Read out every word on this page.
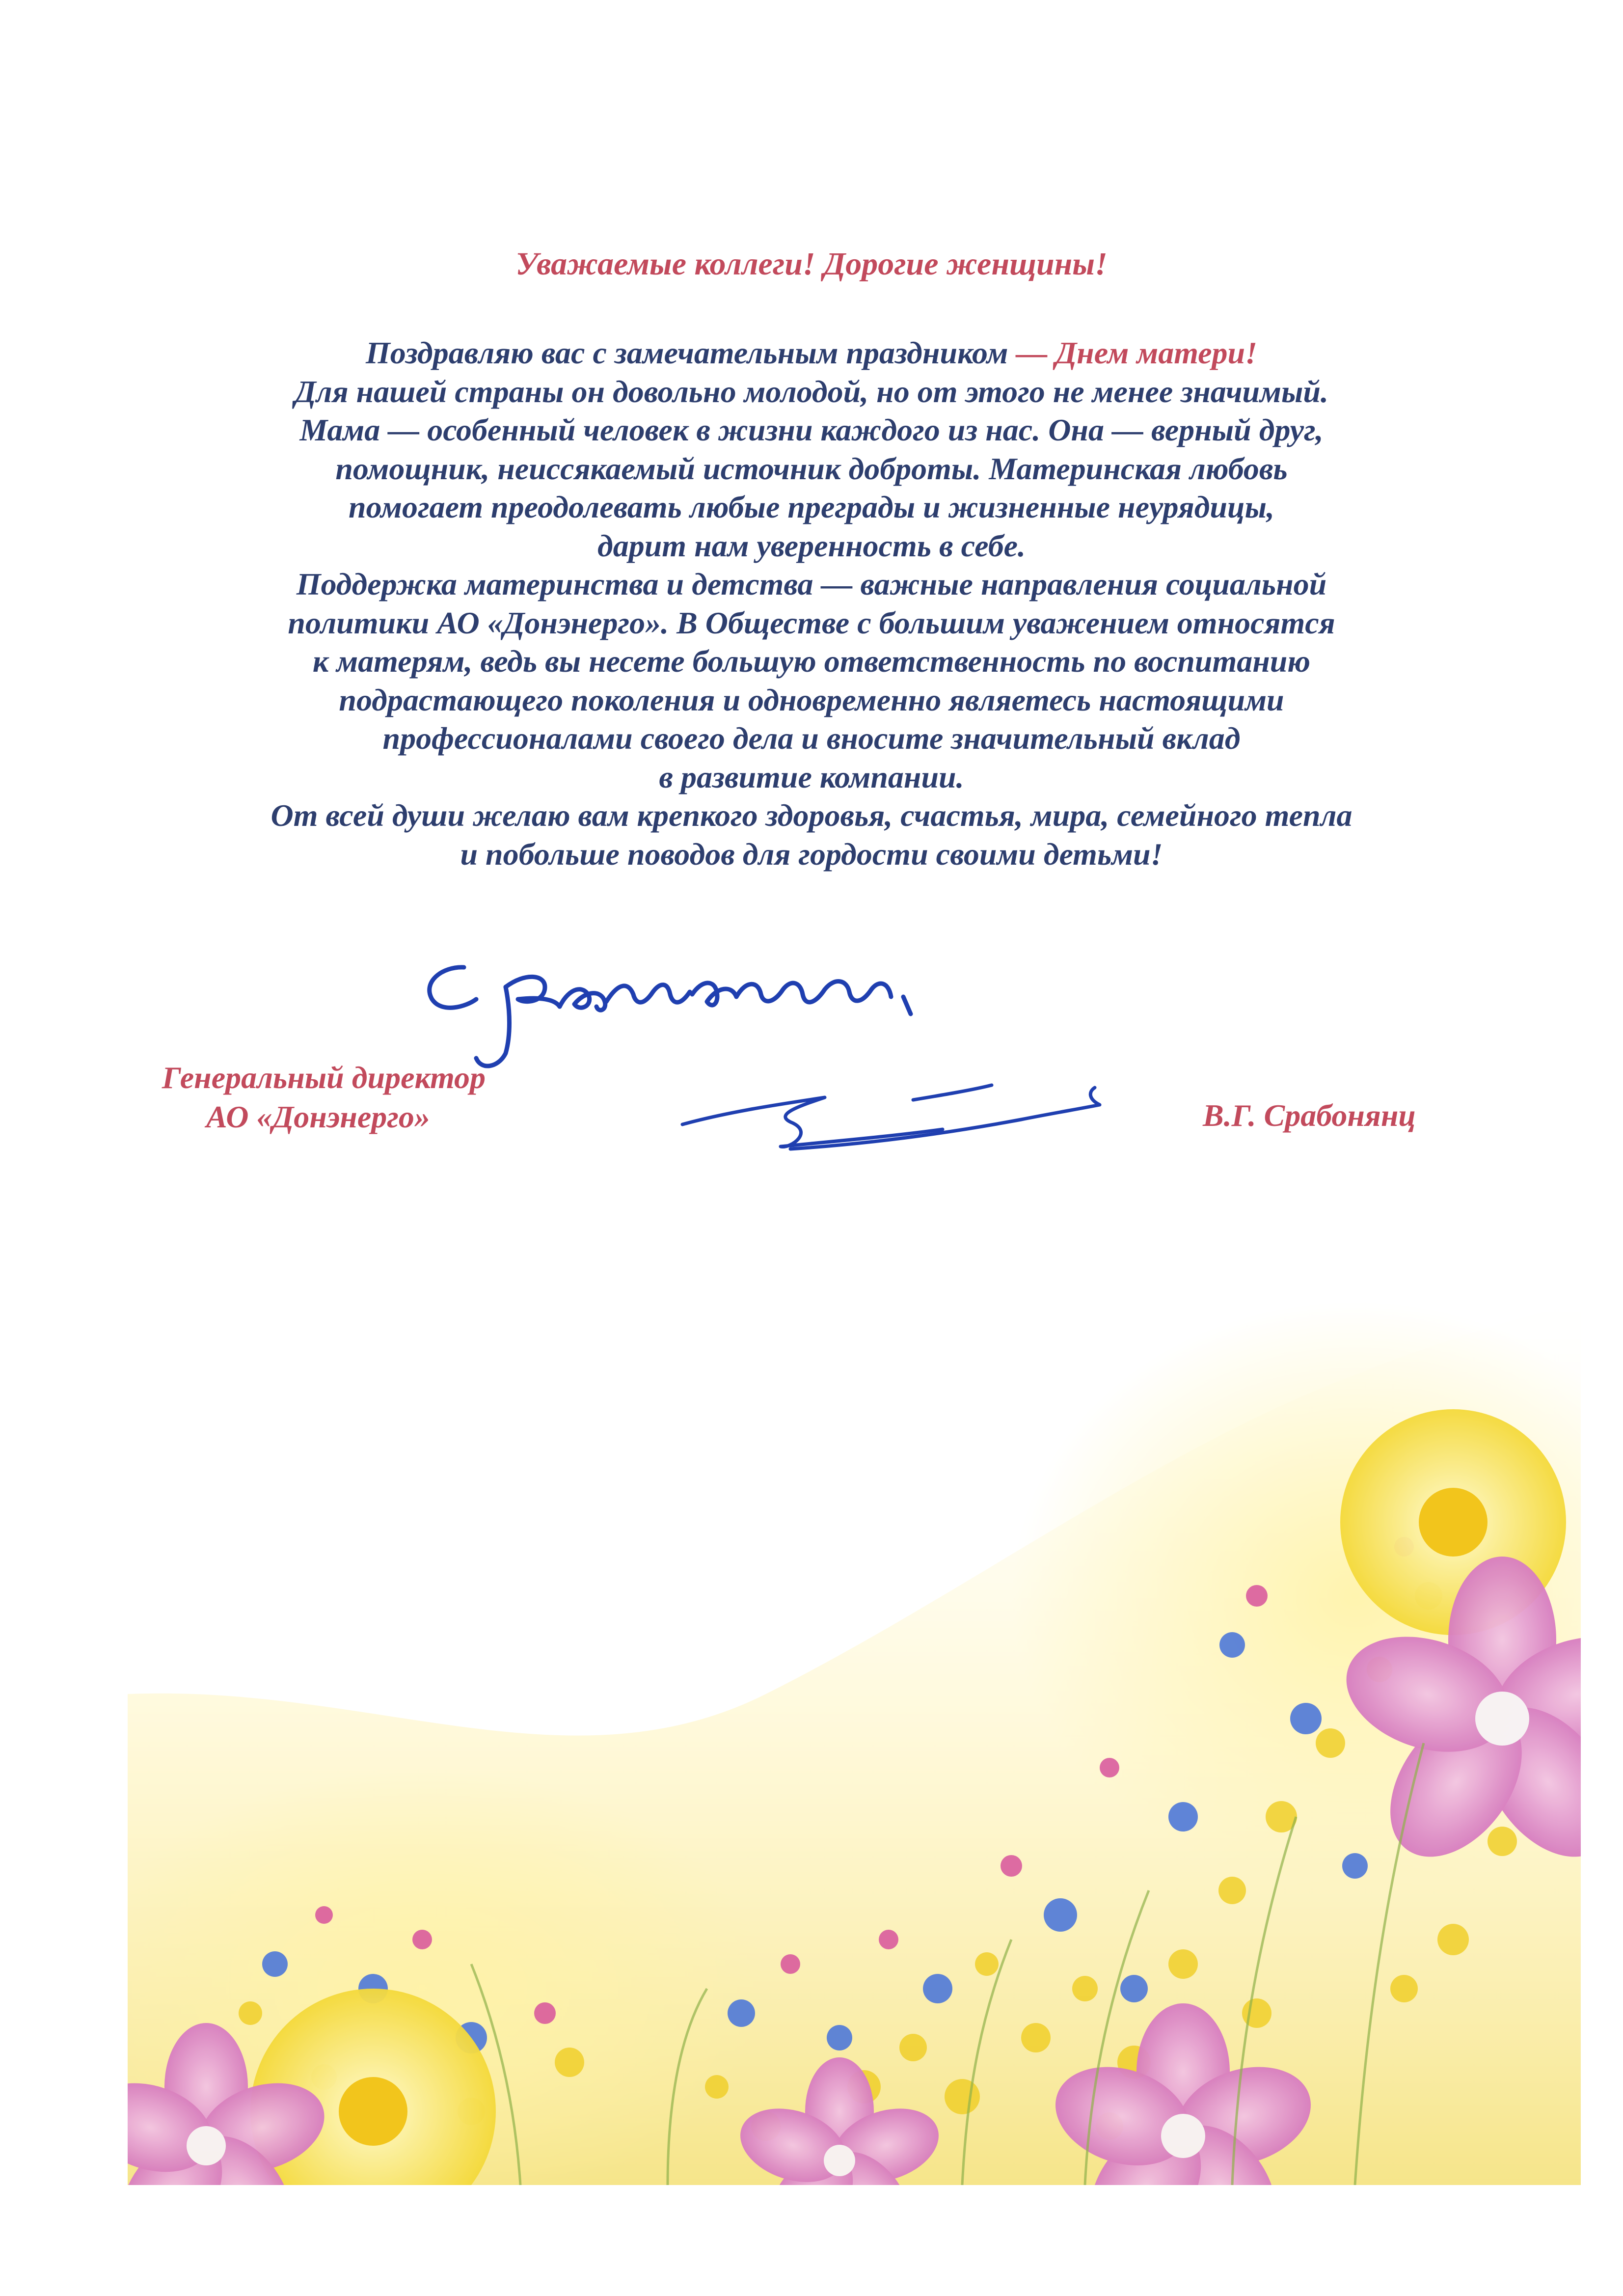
Уважаемые коллеги! Дорогие женщины!

Поздравляю вас с замечательным праздником — Днем матери!
Для нашей страны он довольно молодой, но от этого не менее значимый.
Мама — особенный человек в жизни каждого из нас. Она — верный друг,
помощник, неиссякаемый источник доброты. Материнская любовь
помогает преодолевать любые преграды и жизненные неурядицы,
дарит нам уверенность в себе.
Поддержка материнства и детства — важные направления социальной
политики АО «Донэнерго». В Обществе с большим уважением относятся
к матерям, ведь вы несете большую ответственность по воспитанию
подрастающего поколения и одновременно являетесь настоящими
профессионалами своего дела и вносите значительный вклад
в развитие компании.
От всей души желаю вам крепкого здоровья, счастья, мира, семейного тепла
и побольше поводов для гордости своими детьми!

Генеральный директор
АО «Донэнерго»	В.Г. Срабонянц
